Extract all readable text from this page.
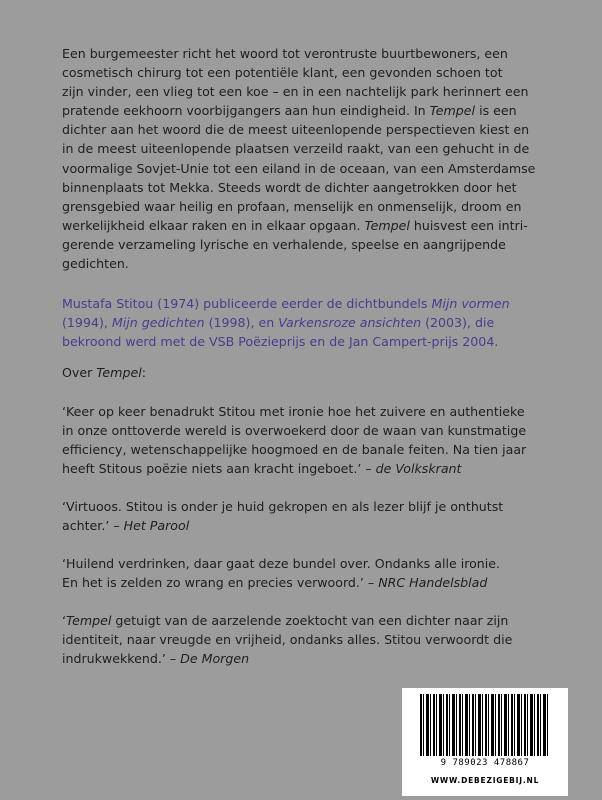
Een burgemeester richt het woord tot verontruste buurtbewoners, een

cosmetisch chirurg tot een potentiële klant, een gevonden schoen tot

zijn vinder, een vlieg tot een koe – en in een nachtelijk park herinnert een

pratende eekhoorn voorbijgangers aan hun eindigheid. In Tempel is een

dichter aan het woord die de meest uiteenlopende perspectieven kiest en

in de meest uiteenlopende plaatsen verzeild raakt, van een gehucht in de

voormalige Sovjet-Unie tot een eiland in de oceaan, van een Amsterdamse

binnenplaats tot Mekka. Steeds wordt de dichter aangetrokken door het

grensgebied waar heilig en profaan, menselijk en onmenselijk, droom en

werkelijkheid elkaar raken en in elkaar opgaan. Tempel huisvest een intri-

gerende verzameling lyrische en verhalende, speelse en aangrijpende

gedichten.

Mustafa Stitou (1974) publiceerde eerder de dichtbundels Mijn vormen

(1994), Mijn gedichten (1998), en Varkensroze ansichten (2003), die

bekroond werd met de VSB Poëzieprijs en de Jan Campert-prijs 2004.

Over Tempel:

‘Keer op keer benadrukt Stitou met ironie hoe het zuivere en authentieke

in onze onttoverde wereld is overwoekerd door de waan van kunstmatige

efficiency, wetenschappelijke hoogmoed en de banale feiten. Na tien jaar

heeft Stitous poëzie niets aan kracht ingeboet.’ – de Volkskrant

‘Virtuoos. Stitou is onder je huid gekropen en als lezer blijf je onthutst

achter.’ – Het Parool

‘Huilend verdrinken, daar gaat deze bundel over. Ondanks alle ironie.

En het is zelden zo wrang en precies verwoord.’ – NRC Handelsblad

‘Tempel getuigt van de aarzelende zoektocht van een dichter naar zijn

identiteit, naar vreugde en vrijheid, ondanks alles. Stitou verwoordt die

indrukwekkend.’ – De Morgen

9 789023 478867
WWW.DEBEZIGEBIJ.NL
